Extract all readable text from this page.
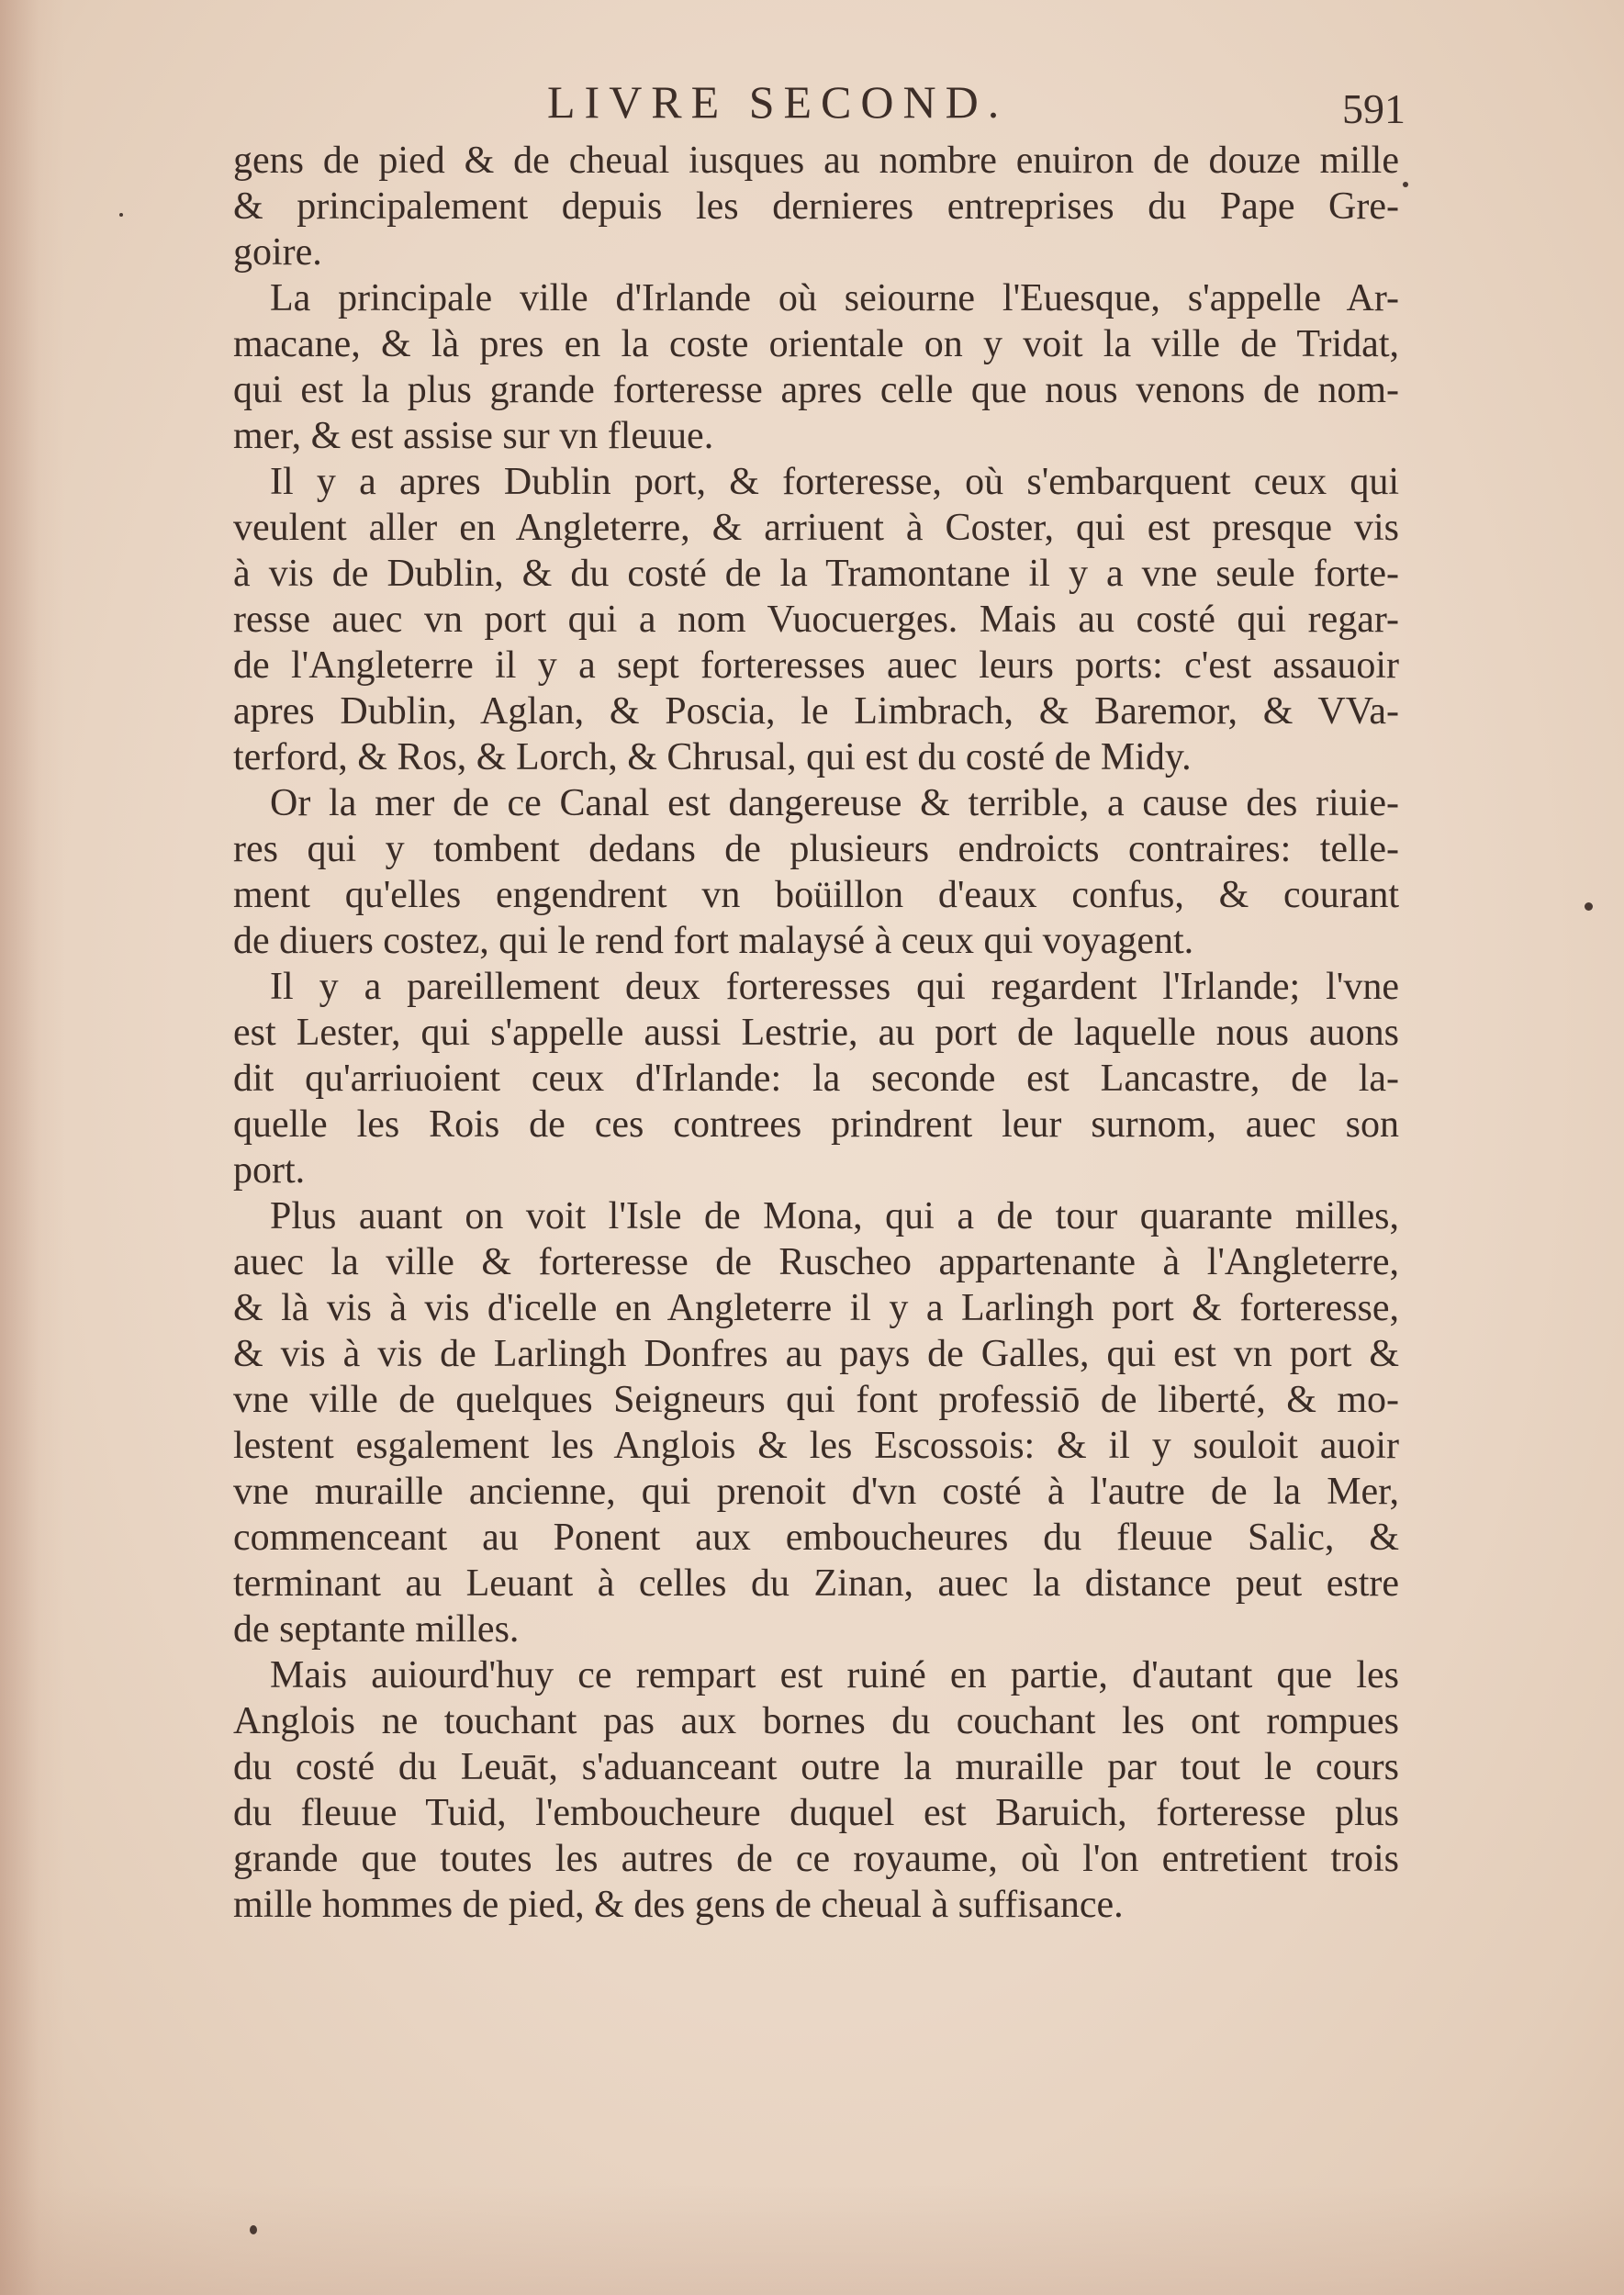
LIVRE SECOND.	591
gens de pied & de cheual iusques au nombre enuiron de douze mille
& principalement depuis les dernieres entreprises du Pape Gre-
goire.
La principale ville d'Irlande où seiourne l'Euesque, s'appelle Ar-
macane, & là pres en la coste orientale on y voit la ville de Tridat,
qui est la plus grande forteresse apres celle que nous venons de nom-
mer, & est assise sur vn fleuue.
Il y a apres Dublin port, & forteresse, où s'embarquent ceux qui
veulent aller en Angleterre, & arriuent à Coster, qui est presque vis
à vis de Dublin, & du costé de la Tramontane il y a vne seule forte-
resse auec vn port qui a nom Vuocuerges. Mais au costé qui regar-
de l'Angleterre il y a sept forteresses auec leurs ports: c'est assauoir
apres Dublin, Aglan, & Poscia, le Limbrach, & Baremor, & VVa-
terford, & Ros, & Lorch, & Chrusal, qui est du costé de Midy.
Or la mer de ce Canal est dangereuse & terrible, a cause des riuie-
res qui y tombent dedans de plusieurs endroicts contraires: telle-
ment qu'elles engendrent vn boüillon d'eaux confus, & courant
de diuers costez, qui le rend fort malaysé à ceux qui voyagent.
Il y a pareillement deux forteresses qui regardent l'Irlande; l'vne
est Lester, qui s'appelle aussi Lestrie, au port de laquelle nous auons
dit qu'arriuoient ceux d'Irlande: la seconde est Lancastre, de la-
quelle les Rois de ces contrees prindrent leur surnom, auec son
port.
Plus auant on voit l'Isle de Mona, qui a de tour quarante milles,
auec la ville & forteresse de Ruscheo appartenante à l'Angleterre,
& là vis à vis d'icelle en Angleterre il y a Larlingh port & forteresse,
& vis à vis de Larlingh Donfres au pays de Galles, qui est vn port &
vne ville de quelques Seigneurs qui font professiō de liberté, & mo-
lestent esgalement les Anglois & les Escossois: & il y souloit auoir
vne muraille ancienne, qui prenoit d'vn costé à l'autre de la Mer,
commenceant au Ponent aux emboucheures du fleuue Salic, &
terminant au Leuant à celles du Zinan, auec la distance peut estre
de septante milles.
Mais auiourd'huy ce rempart est ruiné en partie, d'autant que les
Anglois ne touchant pas aux bornes du couchant les ont rompues
du costé du Leuāt, s'aduanceant outre la muraille par tout le cours
du fleuue Tuid, l'emboucheure duquel est Baruich, forteresse plus
grande que toutes les autres de ce royaume, où l'on entretient trois
mille hommes de pied, & des gens de cheual à suffisance.
